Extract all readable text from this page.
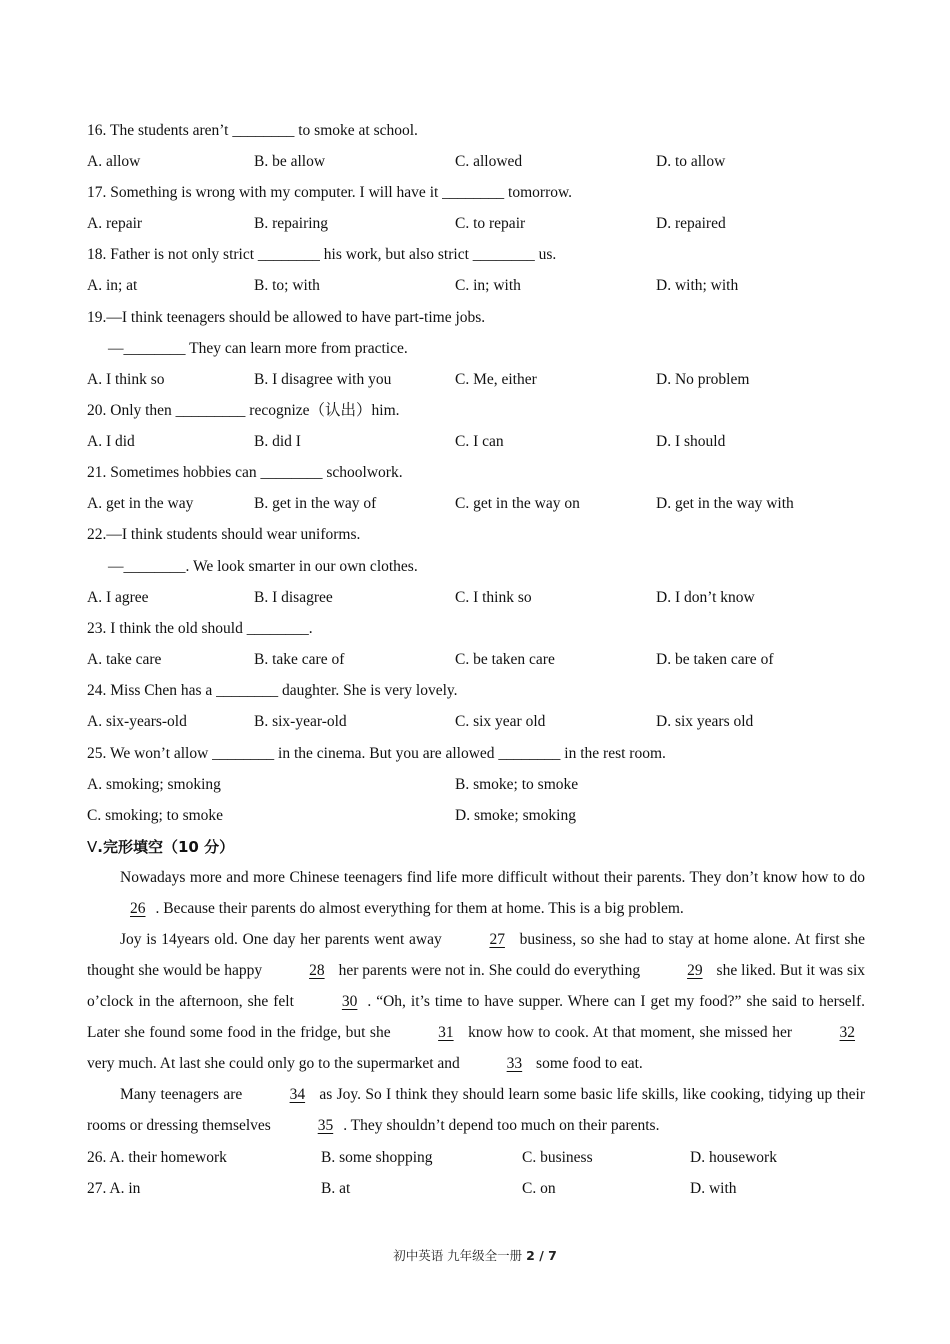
16. The students aren’t ________ to smoke at school.
A. allow	B. be allow	C. allowed	D. to allow
17. Something is wrong with my computer. I will have it ________ tomorrow.
A. repair	B. repairing	C. to repair	D. repaired
18. Father is not only strict ________ his work, but also strict ________ us.
A. in; at	B. to; with	C. in; with	D. with; with
19.—I think teenagers should be allowed to have part-time jobs.
—________ They can learn more from practice.
A. I think so	B. I disagree with you	C. Me, either	D. No problem
20. Only then _________ recognize（认出）him.
A. I did	B. did I	C. I can	D. I should
21. Sometimes hobbies can ________ schoolwork.
A. get in the way	B. get in the way of	C. get in the way on	D. get in the way with
22.—I think students should wear uniforms.
—________. We look smarter in our own clothes.
A. I agree	B. I disagree	C. I think so	D. I don’t know
23. I think the old should ________.
A. take care	B. take care of	C. be taken care	D. be taken care of
24. Miss Chen has a ________ daughter. She is very lovely.
A. six-years-old	B. six-year-old	C. six year old	D. six years old
25. We won’t allow ________ in the cinema. But you are allowed ________ in the rest room.
A. smoking; smoking	B. smoke; to smoke
C. smoking; to smoke	D. smoke; smoking
Ⅴ.完形填空（10 分）
Nowadays more and more Chinese teenagers find life more difficult without their parents. They don’t know how to do 26 . Because their parents do almost everything for them at home. This is a big problem.
Joy is 14years old. One day her parents went away	27 business, so she had to stay at home alone. At first she thought she would be happy	28 her parents were not in. She could do everything	29 she liked. But it was six o’clock in the afternoon, she felt	30 . “Oh, it’s time to have supper. Where can I get my food?” she said to herself. Later she found some food in the fridge, but she	31 know how to cook. At that moment, she missed her	32 very much. At last she could only go to the supermarket and	33 some food to eat.
Many teenagers are	34 as Joy. So I think they should learn some basic life skills, like cooking, tidying up their rooms or dressing themselves	35 . They shouldn’t depend too much on their parents.
26. A. their homework	B. some shopping	C. business	D. housework
27. A. in	B. at	C. on	D. with
初中英语 九年级全一册 2 / 7
